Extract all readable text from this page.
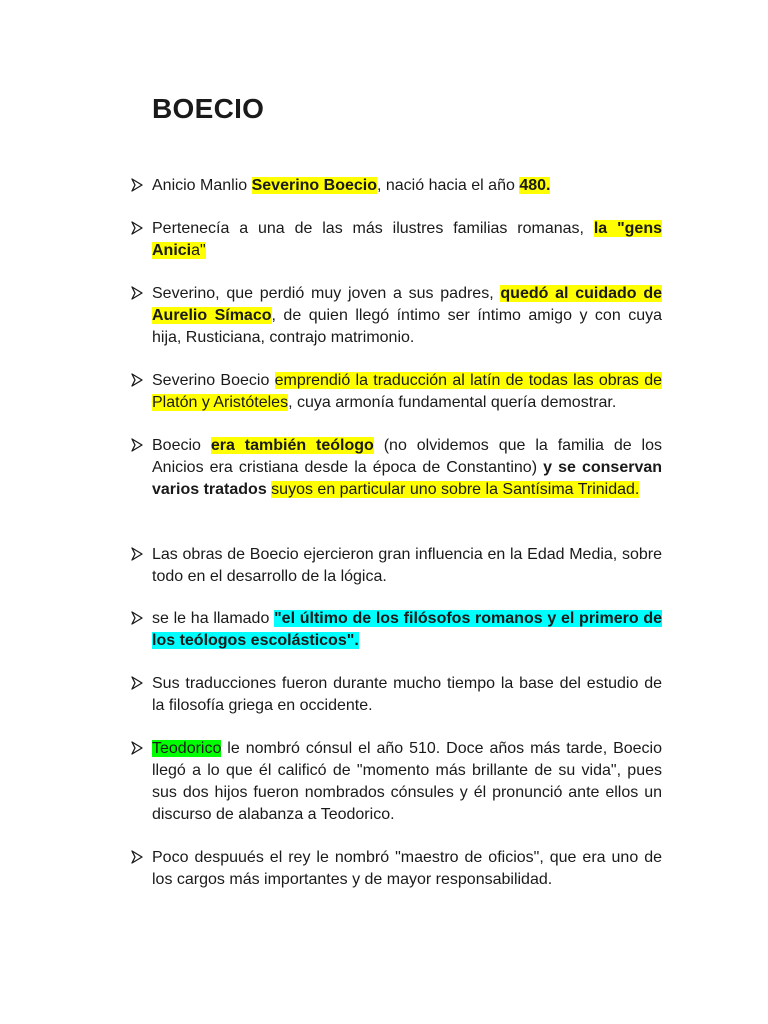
BOECIO

Anicio Manlio Severino Boecio, nació hacia el año 480.

Pertenecía a una de las más ilustres familias romanas, la "gens Anicia"

Severino, que perdió muy joven a sus padres, quedó al cuidado de Aurelio Símaco, de quien llegó íntimo ser íntimo amigo y con cuya hija, Rusticiana, contrajo matrimonio.

Severino Boecio emprendió la traducción al latín de todas las obras de Platón y Aristóteles, cuya armonía fundamental quería demostrar.

Boecio era también teólogo (no olvidemos que la familia de los Anicios era cristiana desde la época de Constantino) y se conservan varios tratados suyos en particular uno sobre la Santísima Trinidad.

Las obras de Boecio ejercieron gran influencia en la Edad Media, sobre todo en el desarrollo de la lógica.

se le ha llamado "el último de los filósofos romanos y el primero de los teólogos escolásticos".

Sus traducciones fueron durante mucho tiempo la base del estudio de la filosofía griega en occidente.

Teodorico le nombró cónsul el año 510. Doce años más tarde, Boecio llegó a lo que él calificó de "momento más brillante de su vida", pues sus dos hijos fueron nombrados cónsules y él pronunció ante ellos un discurso de alabanza a Teodorico.

Poco despuués el rey le nombró "maestro de oficios", que era uno de los cargos más importantes y de mayor responsabilidad.
